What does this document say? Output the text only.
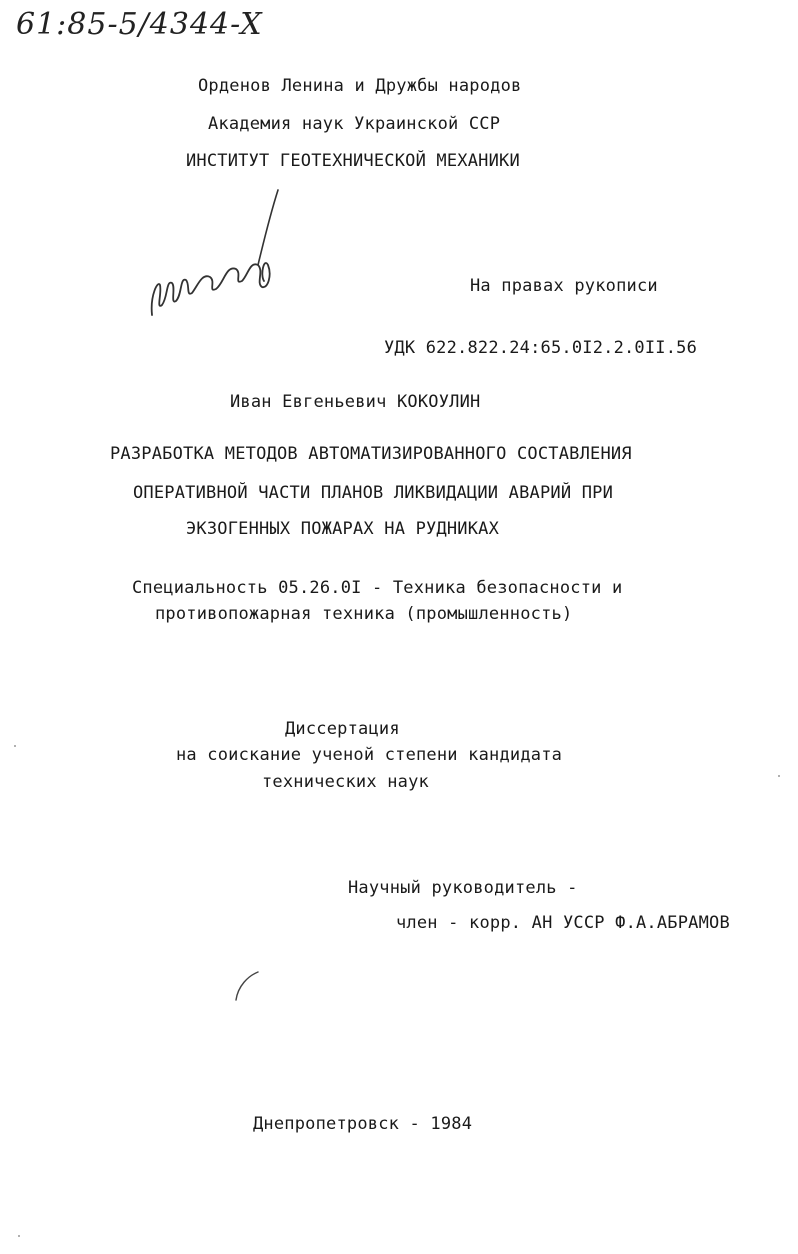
61:85-5/4344-X
Орденов Ленина и Дружбы народов
Академия наук Украинской ССР
ИНСТИТУТ ГЕОТЕХНИЧЕСКОЙ МЕХАНИКИ
На правах рукописи
УДК 622.822.24:65.0I2.2.0II.56
Иван Евгеньевич КОКОУЛИН
РАЗРАБОТКА МЕТОДОВ АВТОМАТИЗИРОВАННОГО СОСТАВЛЕНИЯ
ОПЕРАТИВНОЙ ЧАСТИ ПЛАНОВ ЛИКВИДАЦИИ АВАРИЙ ПРИ
ЭКЗОГЕННЫХ ПОЖАРАХ НА РУДНИКАХ
Специальность 05.26.0I - Техника безопасности и
противопожарная техника (промышленность)
Диссертация
на соискание ученой степени кандидата
технических наук
Научный руководитель -
член - корр. АН УССР Ф.А.АБРАМОВ
Днепропетровск - 1984
